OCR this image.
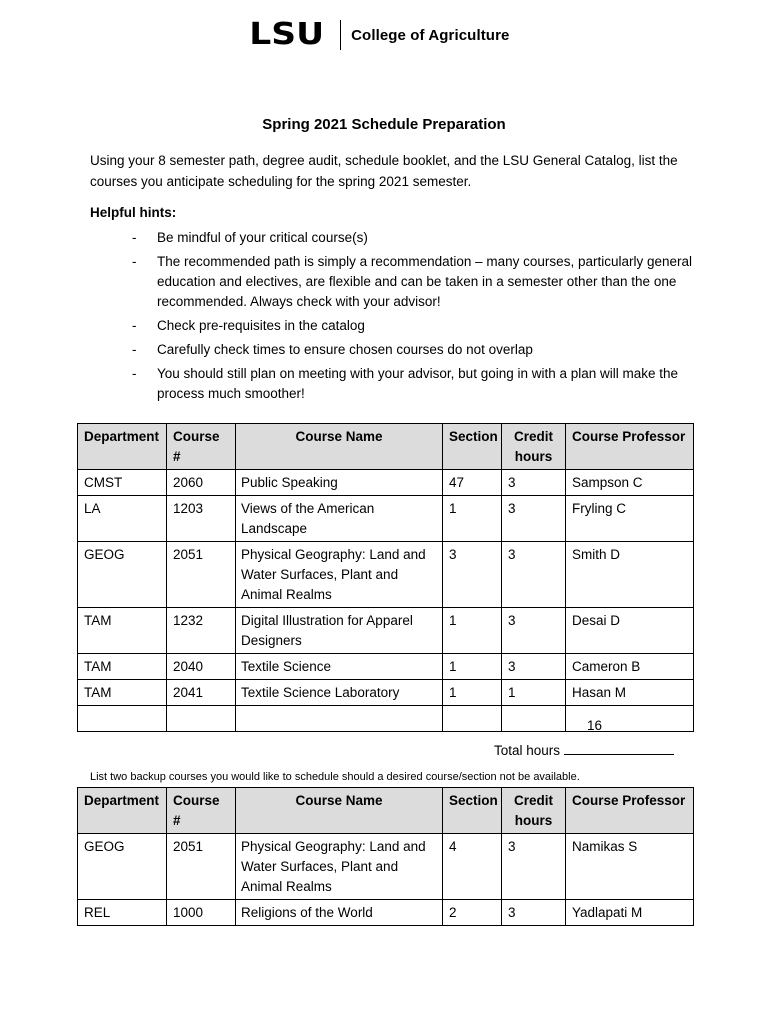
LSU College of Agriculture
Spring 2021 Schedule Preparation
Using your 8 semester path, degree audit, schedule booklet, and the LSU General Catalog, list the courses you anticipate scheduling for the spring 2021 semester.
Helpful hints:
- Be mindful of your critical course(s)
- The recommended path is simply a recommendation – many courses, particularly general education and electives, are flexible and can be taken in a semester other than the one recommended. Always check with your advisor!
- Check pre-requisites in the catalog
- Carefully check times to ensure chosen courses do not overlap
- You should still plan on meeting with your advisor, but going in with a plan will make the process much smoother!
Department	Course #	Course Name	Section	Credit hours	Course Professor
CMST	2060	Public Speaking	47	3	Sampson C
LA	1203	Views of the American Landscape	1	3	Fryling C
GEOG	2051	Physical Geography: Land and Water Surfaces, Plant and Animal Realms	3	3	Smith D
TAM	1232	Digital Illustration for Apparel Designers	1	3	Desai D
TAM	2040	Textile Science	1	3	Cameron B
TAM	2041	Textile Science Laboratory	1	1	Hasan M

16
Total hours
List two backup courses you would like to schedule should a desired course/section not be available.
Department	Course #	Course Name	Section	Credit hours	Course Professor
GEOG	2051	Physical Geography: Land and Water Surfaces, Plant and Animal Realms	4	3	Namikas S
REL	1000	Religions of the World	2	3	Yadlapati M
